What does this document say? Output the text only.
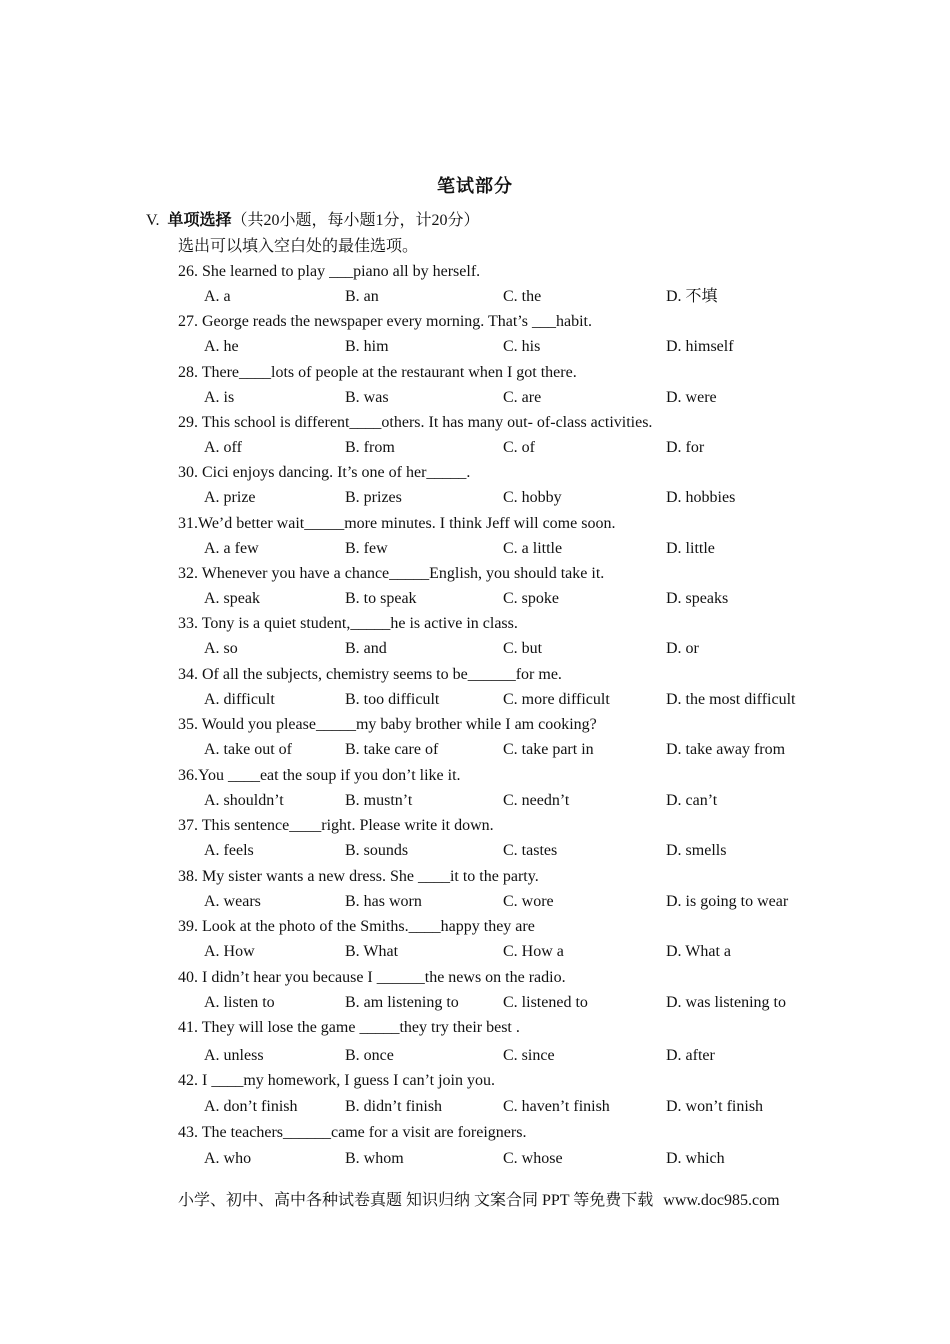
笔试部分
V. 单项选择（共20小题，每小题1分，计20分）
选出可以填入空白处的最佳选项。
26. She learned to play ___piano all by herself.
A. a	B. an	C. the	D. 不填
27. George reads the newspaper every morning. That’s ___habit.
A. he	B. him	C. his	D. himself
28. There____lots of people at the restaurant when I got there.
A. is	B. was	C. are	D. were
29. This school is different____others. It has many out- of-class activities.
A. off	B. from	C. of	D. for
30. Cici enjoys dancing. It’s one of her_____.
A. prize	B. prizes	C. hobby	D. hobbies
31.We’d better wait_____more minutes. I think Jeff will come soon.
A. a few	B. few	C. a little	D. little
32. Whenever you have a chance_____English, you should take it.
A. speak	B. to speak	C. spoke	D. speaks
33. Tony is a quiet student,_____he is active in class.
A. so	B. and	C. but	D. or
34. Of all the subjects, chemistry seems to be______for me.
A. difficult	B. too difficult	C. more difficult	D. the most difficult
35. Would you please_____my baby brother while I am cooking?
A. take out of	B. take care of	C. take part in	D. take away from
36.You ____eat the soup if you don’t like it.
A. shouldn’t	B. mustn’t	C. needn’t	D. can’t
37. This sentence____right. Please write it down.
A. feels	B. sounds	C. tastes	D. smells
38. My sister wants a new dress. She ____it to the party.
A. wears	B. has worn	C. wore	D. is going to wear
39. Look at the photo of the Smiths.____happy they are
A. How	B. What	C. How a	D. What a
40. I didn’t hear you because I ______the news on the radio.
A. listen to	B. am listening to	C. listened to	D. was listening to
41. They will lose the game _____they try their best .
A. unless	B. once	C. since	D. after
42. I ____my homework, I guess I can’t join you.
A. don’t finish	B. didn’t finish	C. haven’t finish	D. won’t finish
43. The teachers______came for a visit are foreigners.
A. who	B. whom	C. whose	D. which
小学、初中、高中各种试卷真题 知识归纳 文案合同 PPT 等免费下载 www.doc985.com
